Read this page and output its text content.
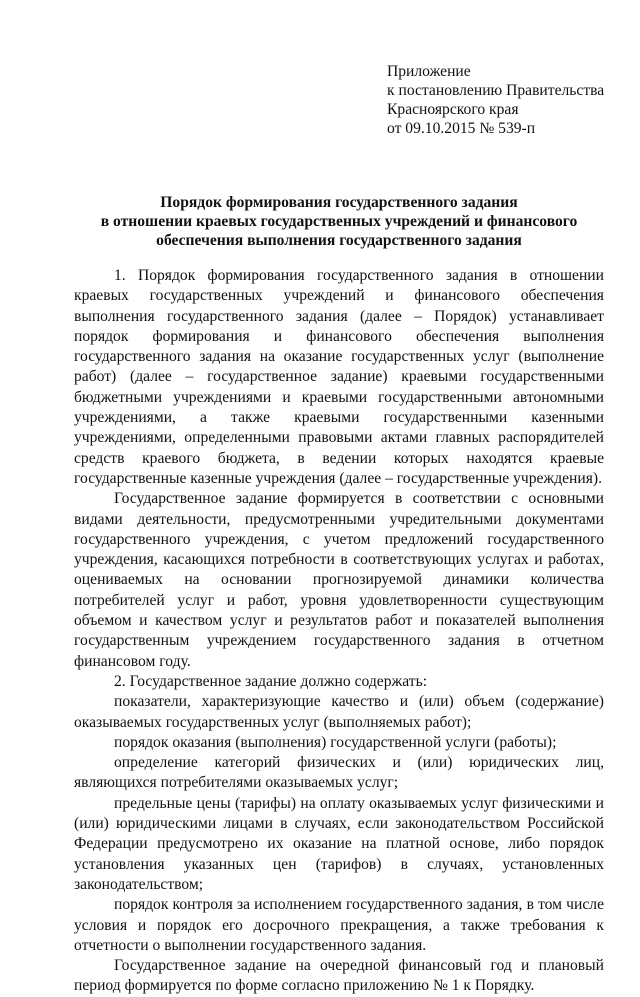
Приложение
к постановлению Правительства
Красноярского края
от 09.10.2015 № 539-п
Порядок формирования государственного задания
в отношении краевых государственных учреждений и финансового
обеспечения выполнения государственного задания

1. Порядок формирования государственного задания в отношении краевых государственных учреждений и финансового обеспечения выполнения государственного задания (далее – Порядок) устанавливает порядок формирования и финансового обеспечения выполнения государственного задания на оказание государственных услуг (выполнение работ) (далее – государственное задание) краевыми государственными бюджетными учреждениями и краевыми государственными автономными учреждениями, а также краевыми государственными казенными учреждениями, определенными правовыми актами главных распорядителей средств краевого бюджета, в ведении которых находятся краевые государственные казенные учреждения (далее – государственные учреждения).

Государственное задание формируется в соответствии с основными видами деятельности, предусмотренными учредительными документами государственного учреждения, с учетом предложений государственного учреждения, касающихся потребности в соответствующих услугах и работах, оцениваемых на основании прогнозируемой динамики количества потребителей услуг и работ, уровня удовлетворенности существующим объемом и качеством услуг и результатов работ и показателей выполнения государственным учреждением государственного задания в отчетном финансовом году.

2. Государственное задание должно содержать:

показатели, характеризующие качество и (или) объем (содержание) оказываемых государственных услуг (выполняемых работ);

порядок оказания (выполнения) государственной услуги (работы);

определение категорий физических и (или) юридических лиц, являющихся потребителями оказываемых услуг;

предельные цены (тарифы) на оплату оказываемых услуг физическими и (или) юридическими лицами в случаях, если законодательством Российской Федерации предусмотрено их оказание на платной основе, либо порядок установления указанных цен (тарифов) в случаях, установленных законодательством;

порядок контроля за исполнением государственного задания, в том числе условия и порядок его досрочного прекращения, а также требования к отчетности о выполнении государственного задания.

Государственное задание на очередной финансовый год и плановый период формируется по форме согласно приложению № 1 к Порядку.
